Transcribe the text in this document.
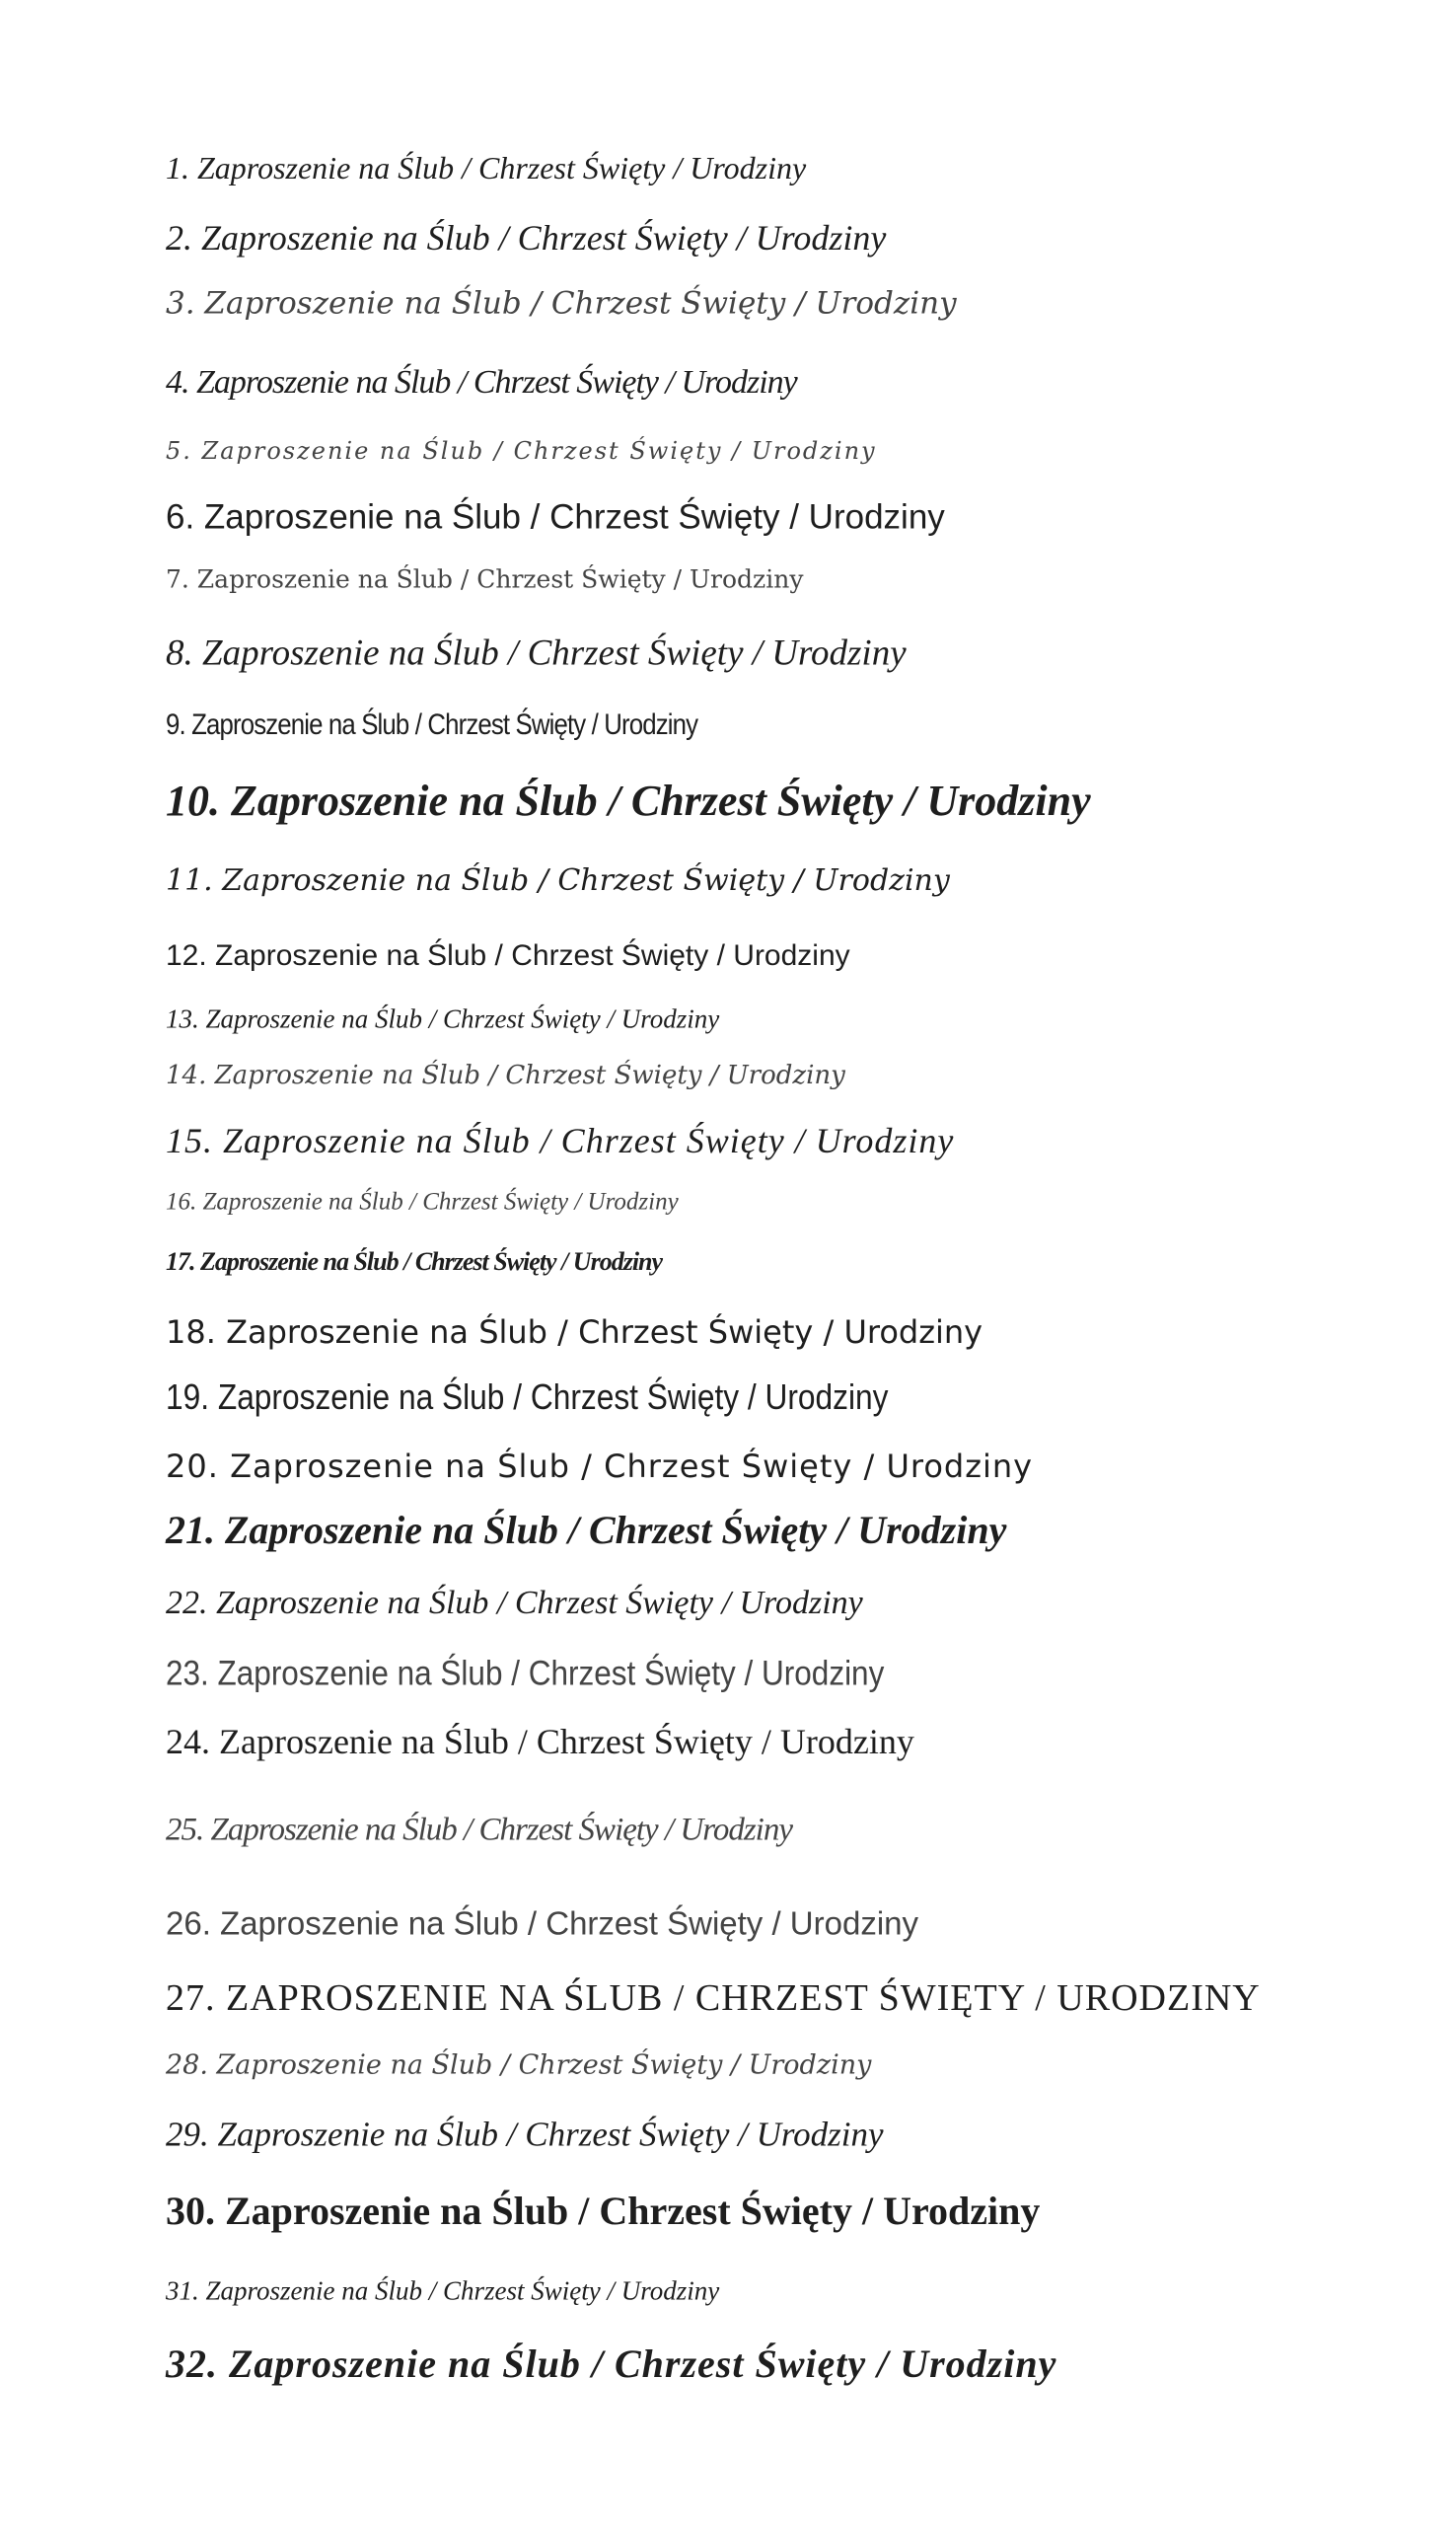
1. Zaproszenie na Ślub / Chrzest Święty / Urodziny
2. Zaproszenie na Ślub / Chrzest Święty / Urodziny
3. Zaproszenie na Ślub / Chrzest Święty / Urodziny
4. Zaproszenie na Ślub / Chrzest Święty / Urodziny
5. Zaproszenie na Ślub / Chrzest Święty / Urodziny
6. Zaproszenie na Ślub / Chrzest Święty / Urodziny
7. Zaproszenie na Ślub / Chrzest Święty / Urodziny
8. Zaproszenie na Ślub / Chrzest Święty / Urodziny
9. Zaproszenie na Ślub / Chrzest Święty / Urodziny
10. Zaproszenie na Ślub / Chrzest Święty / Urodziny
11. Zaproszenie na Ślub / Chrzest Święty / Urodziny
12. Zaproszenie na Ślub / Chrzest Święty / Urodziny
13. Zaproszenie na Ślub / Chrzest Święty / Urodziny
14. Zaproszenie na Ślub / Chrzest Święty / Urodziny
15. Zaproszenie na Ślub / Chrzest Święty / Urodziny
16. Zaproszenie na Ślub / Chrzest Święty / Urodziny
17. Zaproszenie na Ślub / Chrzest Święty / Urodziny
18. Zaproszenie na Ślub / Chrzest Święty / Urodziny
19. Zaproszenie na Ślub / Chrzest Święty / Urodziny
20. Zaproszenie na Ślub / Chrzest Święty / Urodziny
21. Zaproszenie na Ślub / Chrzest Święty / Urodziny
22. Zaproszenie na Ślub / Chrzest Święty / Urodziny
23. Zaproszenie na Ślub / Chrzest Święty / Urodziny
24. Zaproszenie na Ślub / Chrzest Święty / Urodziny
25. Zaproszenie na Ślub / Chrzest Święty / Urodziny
26. Zaproszenie na Ślub / Chrzest Święty / Urodziny
27. ZAPROSZENIE NA ŚLUB / CHRZEST ŚWIĘTY / URODZINY
28. Zaproszenie na Ślub / Chrzest Święty / Urodziny
29. Zaproszenie na Ślub / Chrzest Święty / Urodziny
30. Zaproszenie na Ślub / Chrzest Święty / Urodziny
31. Zaproszenie na Ślub / Chrzest Święty / Urodziny
32. Zaproszenie na Ślub / Chrzest Święty / Urodziny
